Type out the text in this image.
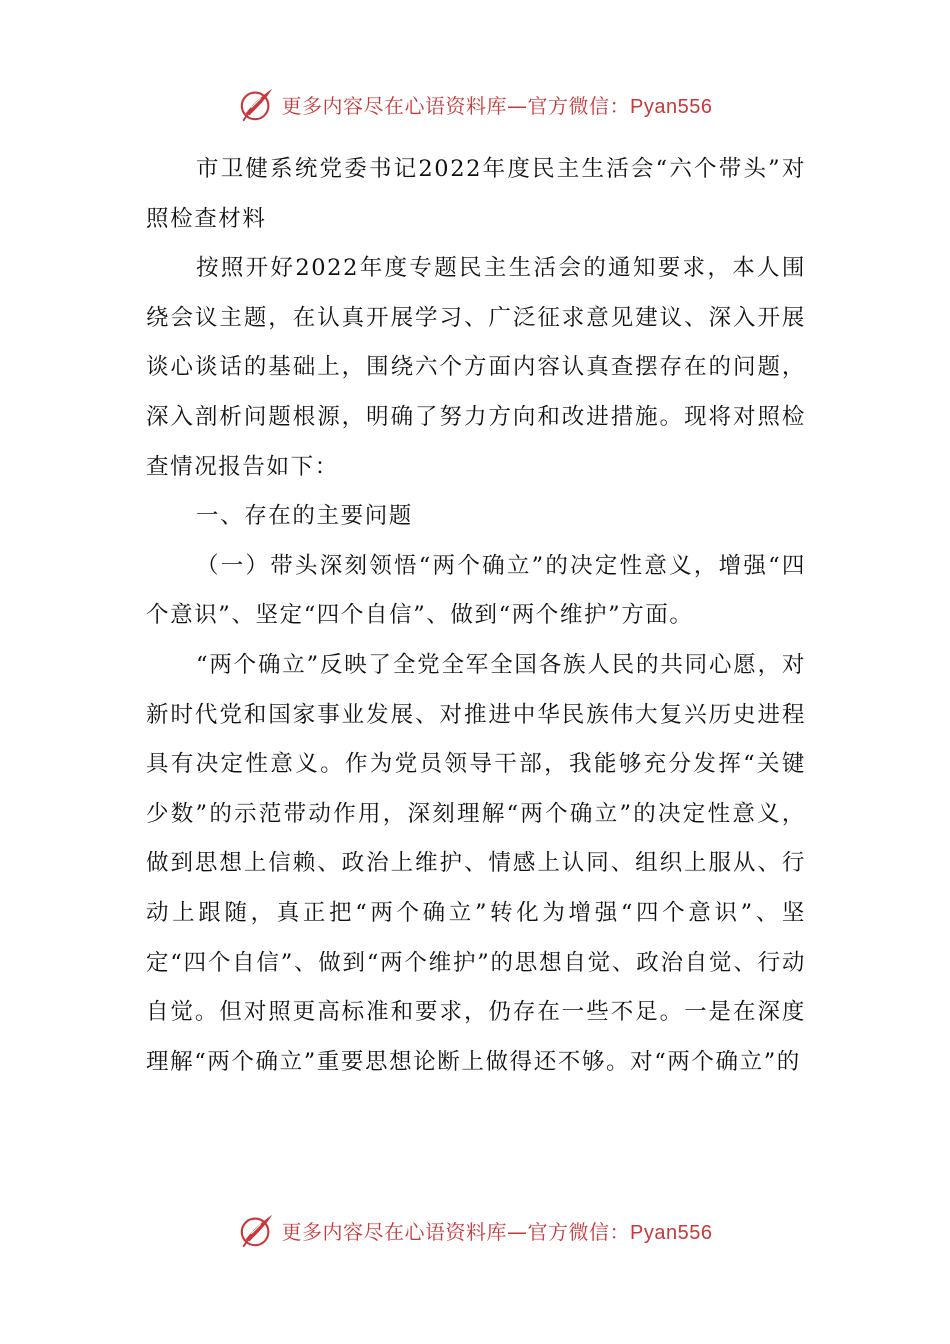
更多内容尽在心语资料库—官方微信：Pyan556

市卫健系统党委书记2022年度民主生活会“六个带头”对照检查材料

按照开好2022年度专题民主生活会的通知要求，本人围绕会议主题，在认真开展学习、广泛征求意见建议、深入开展谈心谈话的基础上，围绕六个方面内容认真查摆存在的问题，深入剖析问题根源，明确了努力方向和改进措施。现将对照检查情况报告如下：

一、存在的主要问题

（一）带头深刻领悟“两个确立”的决定性意义，增强“四个意识”、坚定“四个自信”、做到“两个维护”方面。

“两个确立”反映了全党全军全国各族人民的共同心愿，对新时代党和国家事业发展、对推进中华民族伟大复兴历史进程具有决定性意义。作为党员领导干部，我能够充分发挥“关键少数”的示范带动作用，深刻理解“两个确立”的决定性意义，做到思想上信赖、政治上维护、情感上认同、组织上服从、行动上跟随，真正把“两个确立”转化为增强“四个意识”、坚定“四个自信”、做到“两个维护”的思想自觉、政治自觉、行动自觉。但对照更高标准和要求，仍存在一些不足。一是在深度理解“两个确立”重要思想论断上做得还不够。对“两个确立”的

更多内容尽在心语资料库—官方微信：Pyan556
